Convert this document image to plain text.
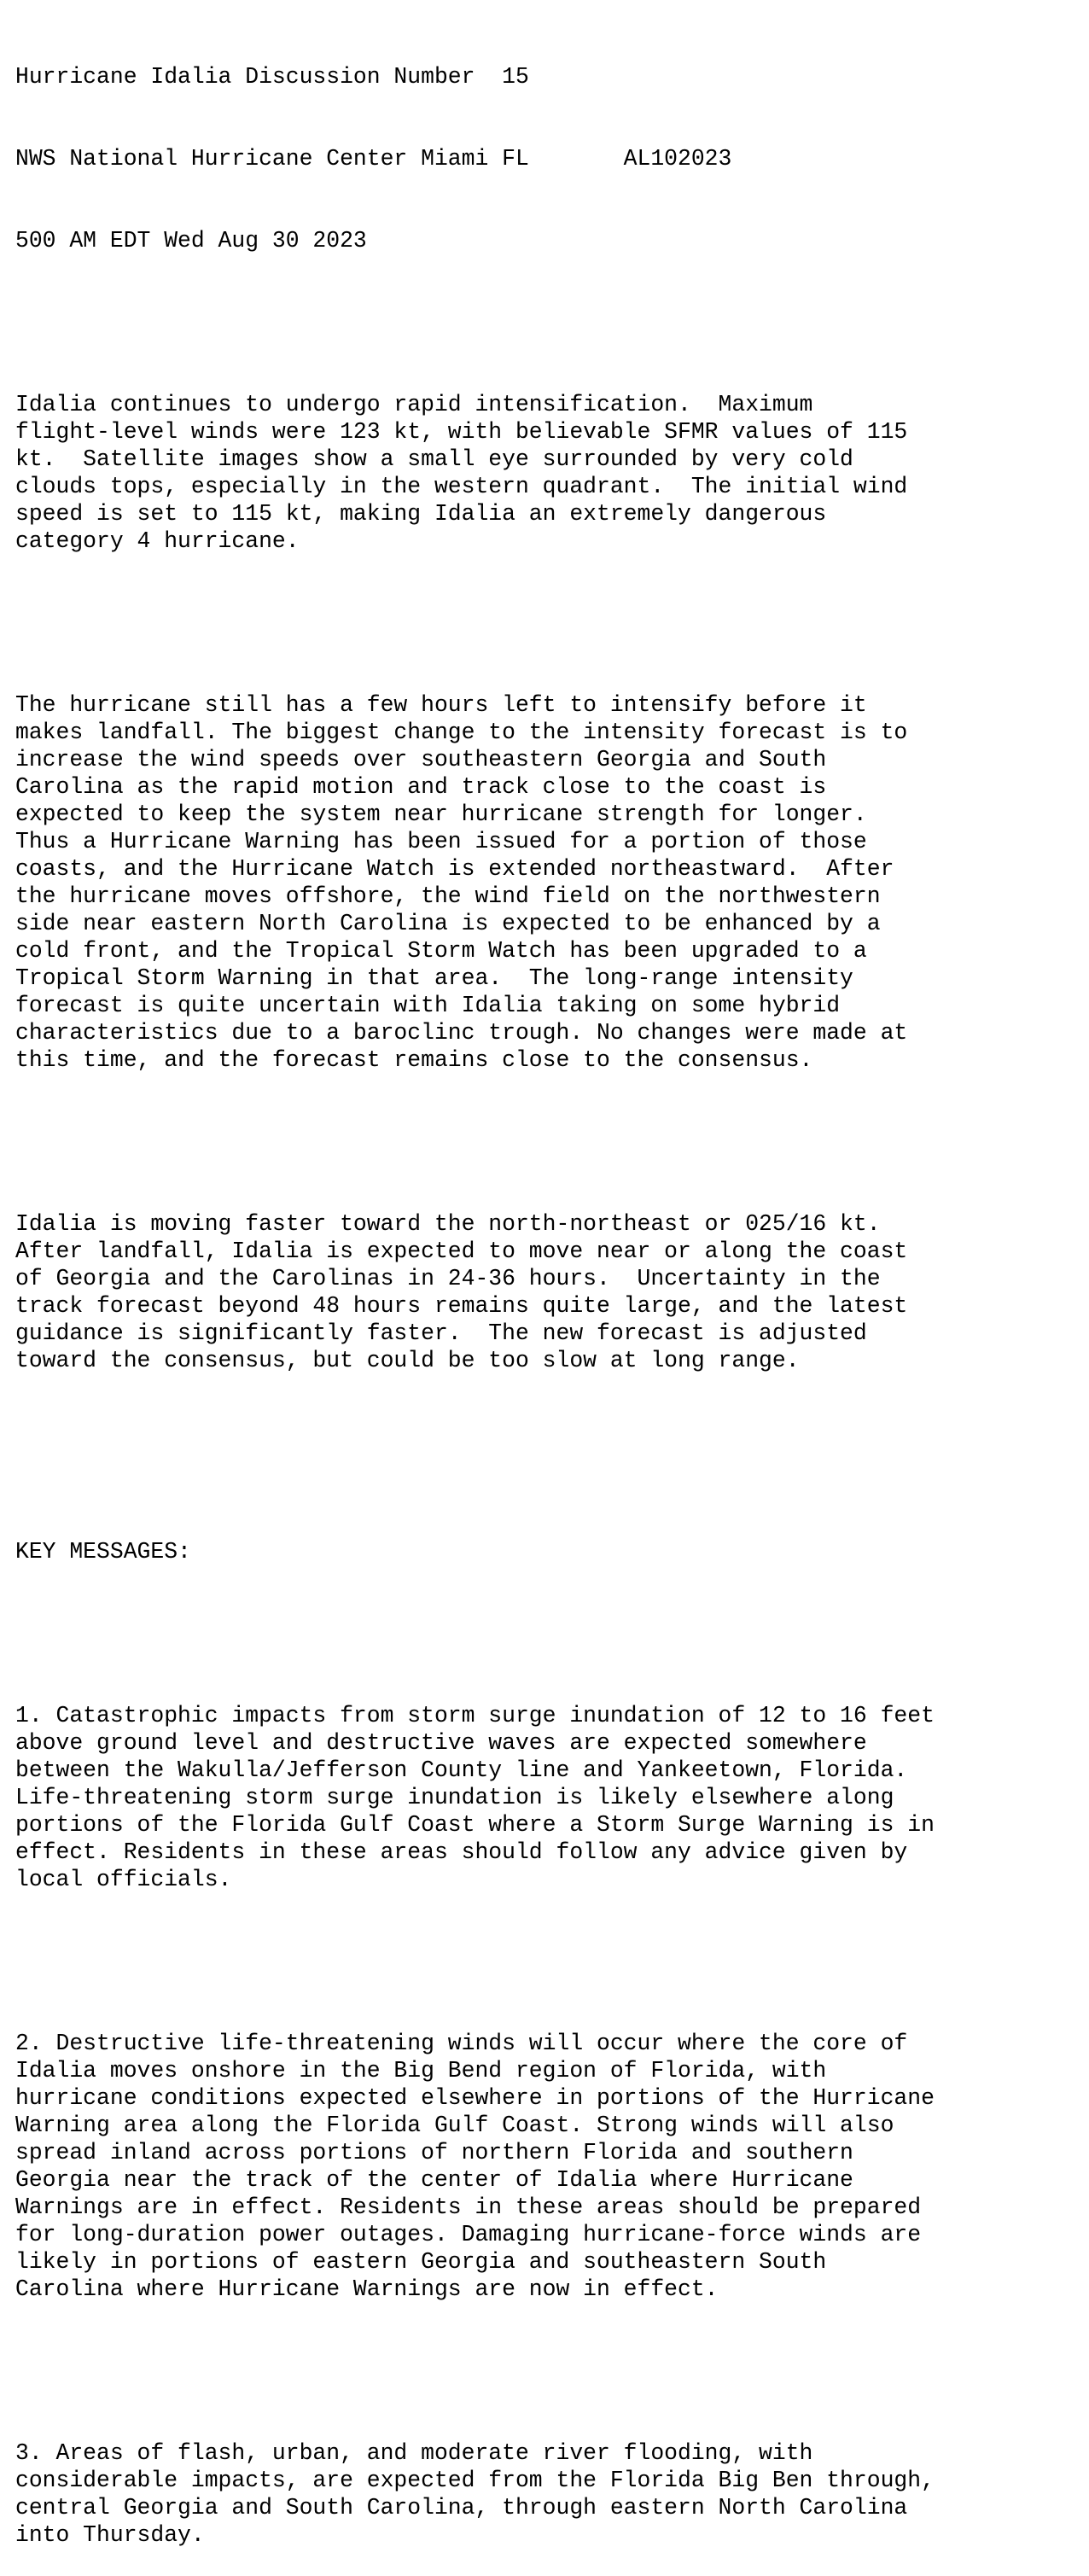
Hurricane Idalia Discussion Number  15

NWS National Hurricane Center Miami FL       AL102023

500 AM EDT Wed Aug 30 2023

Idalia continues to undergo rapid intensification.  Maximum
flight-level winds were 123 kt, with believable SFMR values of 115
kt.  Satellite images show a small eye surrounded by very cold
clouds tops, especially in the western quadrant.  The initial wind
speed is set to 115 kt, making Idalia an extremely dangerous
category 4 hurricane.

The hurricane still has a few hours left to intensify before it
makes landfall. The biggest change to the intensity forecast is to
increase the wind speeds over southeastern Georgia and South
Carolina as the rapid motion and track close to the coast is
expected to keep the system near hurricane strength for longer.
Thus a Hurricane Warning has been issued for a portion of those
coasts, and the Hurricane Watch is extended northeastward.  After
the hurricane moves offshore, the wind field on the northwestern
side near eastern North Carolina is expected to be enhanced by a
cold front, and the Tropical Storm Watch has been upgraded to a
Tropical Storm Warning in that area.  The long-range intensity
forecast is quite uncertain with Idalia taking on some hybrid
characteristics due to a baroclinc trough. No changes were made at
this time, and the forecast remains close to the consensus.

Idalia is moving faster toward the north-northeast or 025/16 kt.
After landfall, Idalia is expected to move near or along the coast
of Georgia and the Carolinas in 24-36 hours.  Uncertainty in the
track forecast beyond 48 hours remains quite large, and the latest
guidance is significantly faster.  The new forecast is adjusted
toward the consensus, but could be too slow at long range.

KEY MESSAGES:

1. Catastrophic impacts from storm surge inundation of 12 to 16 feet
above ground level and destructive waves are expected somewhere
between the Wakulla/Jefferson County line and Yankeetown, Florida.
Life-threatening storm surge inundation is likely elsewhere along
portions of the Florida Gulf Coast where a Storm Surge Warning is in
effect. Residents in these areas should follow any advice given by
local officials.

2. Destructive life-threatening winds will occur where the core of
Idalia moves onshore in the Big Bend region of Florida, with
hurricane conditions expected elsewhere in portions of the Hurricane
Warning area along the Florida Gulf Coast. Strong winds will also
spread inland across portions of northern Florida and southern
Georgia near the track of the center of Idalia where Hurricane
Warnings are in effect. Residents in these areas should be prepared
for long-duration power outages. Damaging hurricane-force winds are
likely in portions of eastern Georgia and southeastern South
Carolina where Hurricane Warnings are now in effect.

3. Areas of flash, urban, and moderate river flooding, with
considerable impacts, are expected from the Florida Big Ben through,
central Georgia and South Carolina, through eastern North Carolina
into Thursday.
